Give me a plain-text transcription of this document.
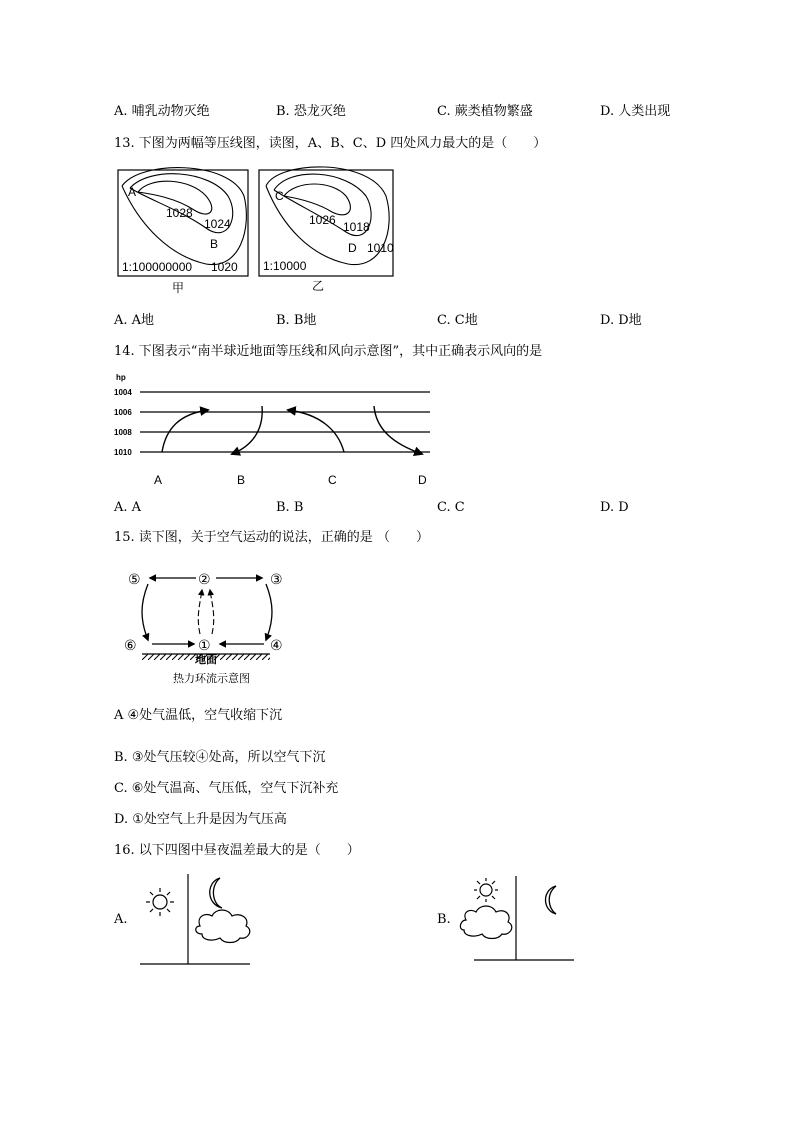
A. 哺乳动物灭绝	B. 恐龙灭绝	C. 蕨类植物繁盛	D. 人类出现
13. 下图为两幅等压线图，读图，A、B、C、D 四处风力最大的是（　　）
A
B
1028
1024
1020
1:100000000
甲
C
D
1026 1018
1010
1:10000
乙
A. A地	B. B地	C. C地	D. D地
14. 下图表示“南半球近地面等压线和风向示意图”，其中正确表示风向的是
hp
1004
1006
1008
1010
A	B	C	D
A. A	B. B	C. C	D. D
15. 读下图，关于空气运动的说法，正确的是 （　　）
⑤	②	③
⑥	①	④
地面
热力环流示意图
A ④处气温低，空气收缩下沉
B. ③处气压较④处高，所以空气下沉
C. ⑥处气温高、气压低，空气下沉补充
D. ①处空气上升是因为气压高
16. 以下四图中昼夜温差最大的是（　　）
A.	B.
